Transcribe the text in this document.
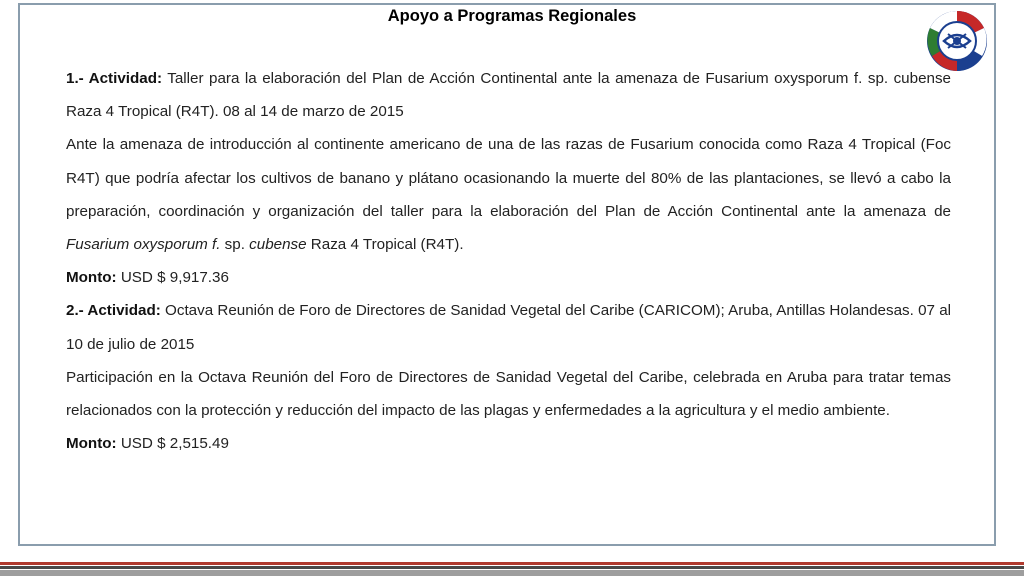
Apoyo a Programas Regionales

1.- Actividad: Taller para la elaboración del Plan de Acción Continental ante la amenaza de Fusarium oxysporum f. sp. cubense Raza 4 Tropical (R4T). 08 al 14 de marzo de 2015

Ante la amenaza de introducción al continente americano de una de las razas de Fusarium conocida como Raza 4 Tropical (Foc R4T) que podría afectar los cultivos de banano y plátano ocasionando la muerte del 80% de las plantaciones, se llevó a cabo la preparación, coordinación y organización del taller para la elaboración del Plan de Acción Continental ante la amenaza de Fusarium oxysporum f. sp. cubense Raza 4 Tropical (R4T).

Monto: USD $ 9,917.36

2.- Actividad: Octava Reunión de Foro de Directores de Sanidad Vegetal del Caribe (CARICOM); Aruba, Antillas Holandesas. 07 al 10 de julio de 2015

Participación en la Octava Reunión del Foro de Directores de Sanidad Vegetal del Caribe, celebrada en Aruba para tratar temas relacionados con la protección y reducción del impacto de las plagas y enfermedades a la agricultura y el medio ambiente.

Monto: USD $ 2,515.49
